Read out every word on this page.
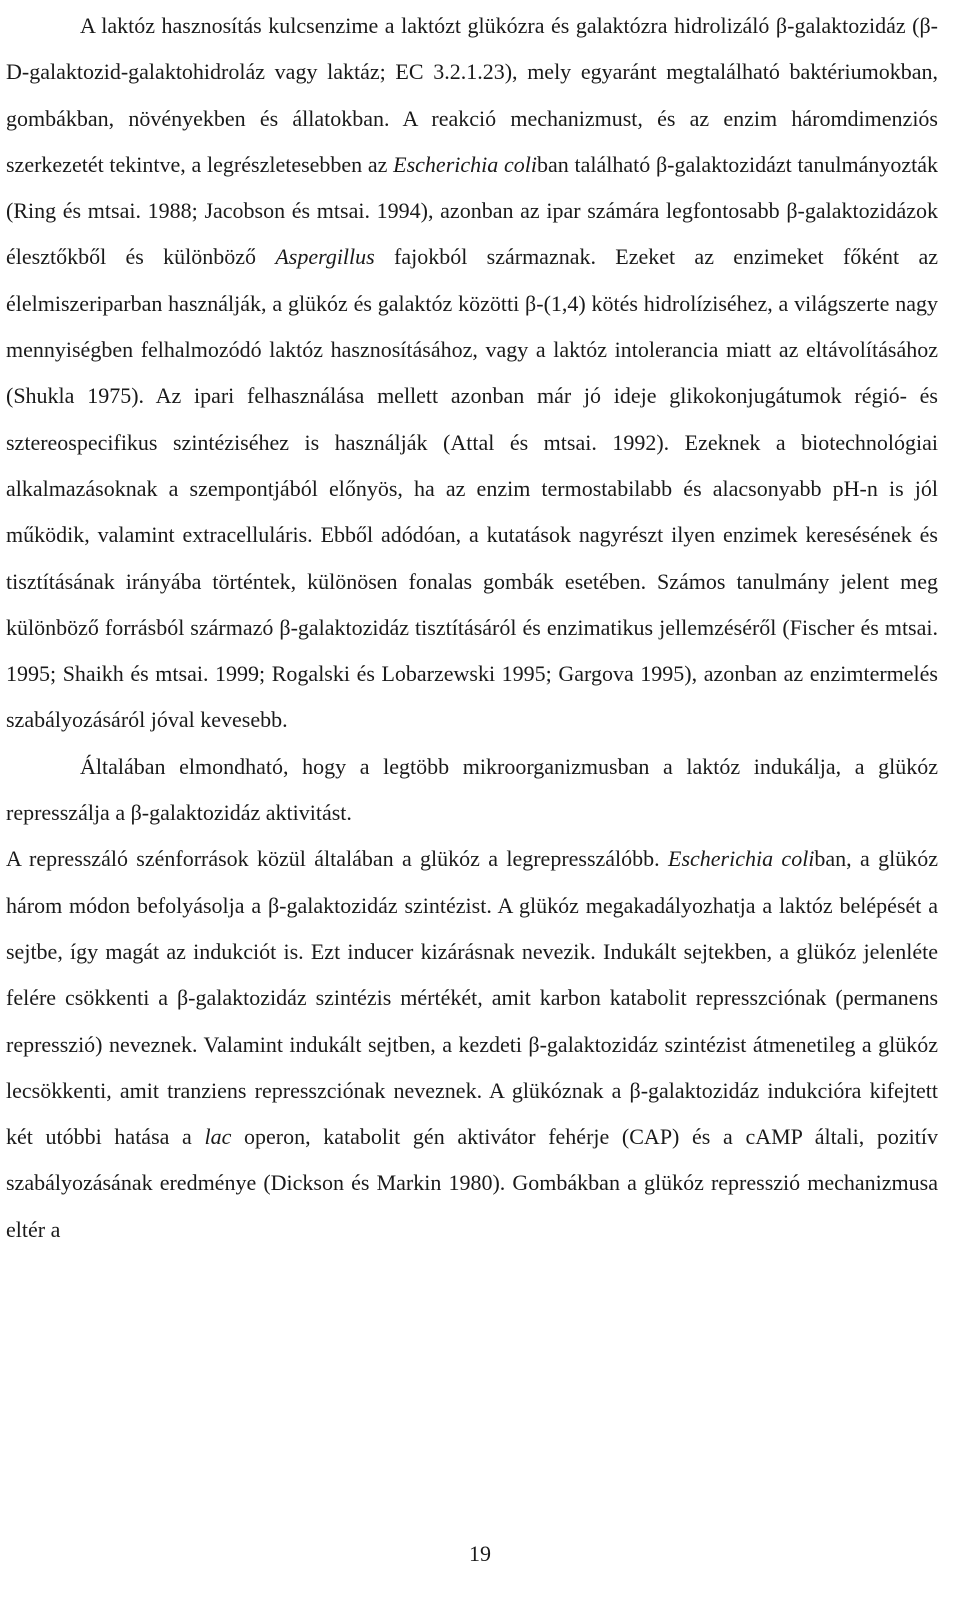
A laktóz hasznosítás kulcsenzime a laktózt glükózra és galaktózra hidrolizáló β-galaktozidáz (β-D-galaktozid-galaktohidroláz vagy laktáz; EC 3.2.1.23), mely egyaránt megtalálható baktériumokban, gombákban, növényekben és állatokban. A reakció mechanizmust, és az enzim háromdimenziós szerkezetét tekintve, a legrészletesebben az Escherichia coliban található β-galaktozidázt tanulmányozták (Ring és mtsai. 1988; Jacobson és mtsai. 1994), azonban az ipar számára legfontosabb β-galaktozidázok élesztőkből és különböző Aspergillus fajokból származnak. Ezeket az enzimeket főként az élelmiszeriparban használják, a glükóz és galaktóz közötti β-(1,4) kötés hidrolíziséhez, a világszerte nagy mennyiségben felhalmozódó laktóz hasznosításához, vagy a laktóz intolerancia miatt az eltávolításához (Shukla 1975). Az ipari felhasználása mellett azonban már jó ideje glikokonjugátumok régió- és sztereospecifikus szintéziséhez is használják (Attal és mtsai. 1992). Ezeknek a biotechnológiai alkalmazásoknak a szempontjából előnyös, ha az enzim termostabilabb és alacsonyabb pH-n is jól működik, valamint extracelluláris. Ebből adódóan, a kutatások nagyrészt ilyen enzimek keresésének és tisztításának irányába történtek, különösen fonalas gombák esetében. Számos tanulmány jelent meg különböző forrásból származó β-galaktozidáz tisztításáról és enzimatikus jellemzéséről (Fischer és mtsai. 1995; Shaikh és mtsai. 1999; Rogalski és Lobarzewski 1995; Gargova 1995), azonban az enzimtermelés szabályozásáról jóval kevesebb.

Általában elmondható, hogy a legtöbb mikroorganizmusban a laktóz indukálja, a glükóz represszálja a β-galaktozidáz aktivitást.

A represszáló szénforrások közül általában a glükóz a legrepresszálóbb. Escherichia coliban, a glükóz három módon befolyásolja a β-galaktozidáz szintézist. A glükóz megakadályozhatja a laktóz belépését a sejtbe, így magát az indukciót is. Ezt inducer kizárásnak nevezik. Indukált sejtekben, a glükóz jelenléte felére csökkenti a β-galaktozidáz szintézis mértékét, amit karbon katabolit represszciónak (permanens represszió) neveznek. Valamint indukált sejtben, a kezdeti β-galaktozidáz szintézist átmenetileg a glükóz lecsökkenti, amit tranziens represszciónak neveznek. A glükóznak a β-galaktozidáz indukcióra kifejtett két utóbbi hatása a lac operon, katabolit gén aktivátor fehérje (CAP) és a cAMP általi, pozitív szabályozásának eredménye (Dickson és Markin 1980). Gombákban a glükóz represszió mechanizmusa eltér a

19
